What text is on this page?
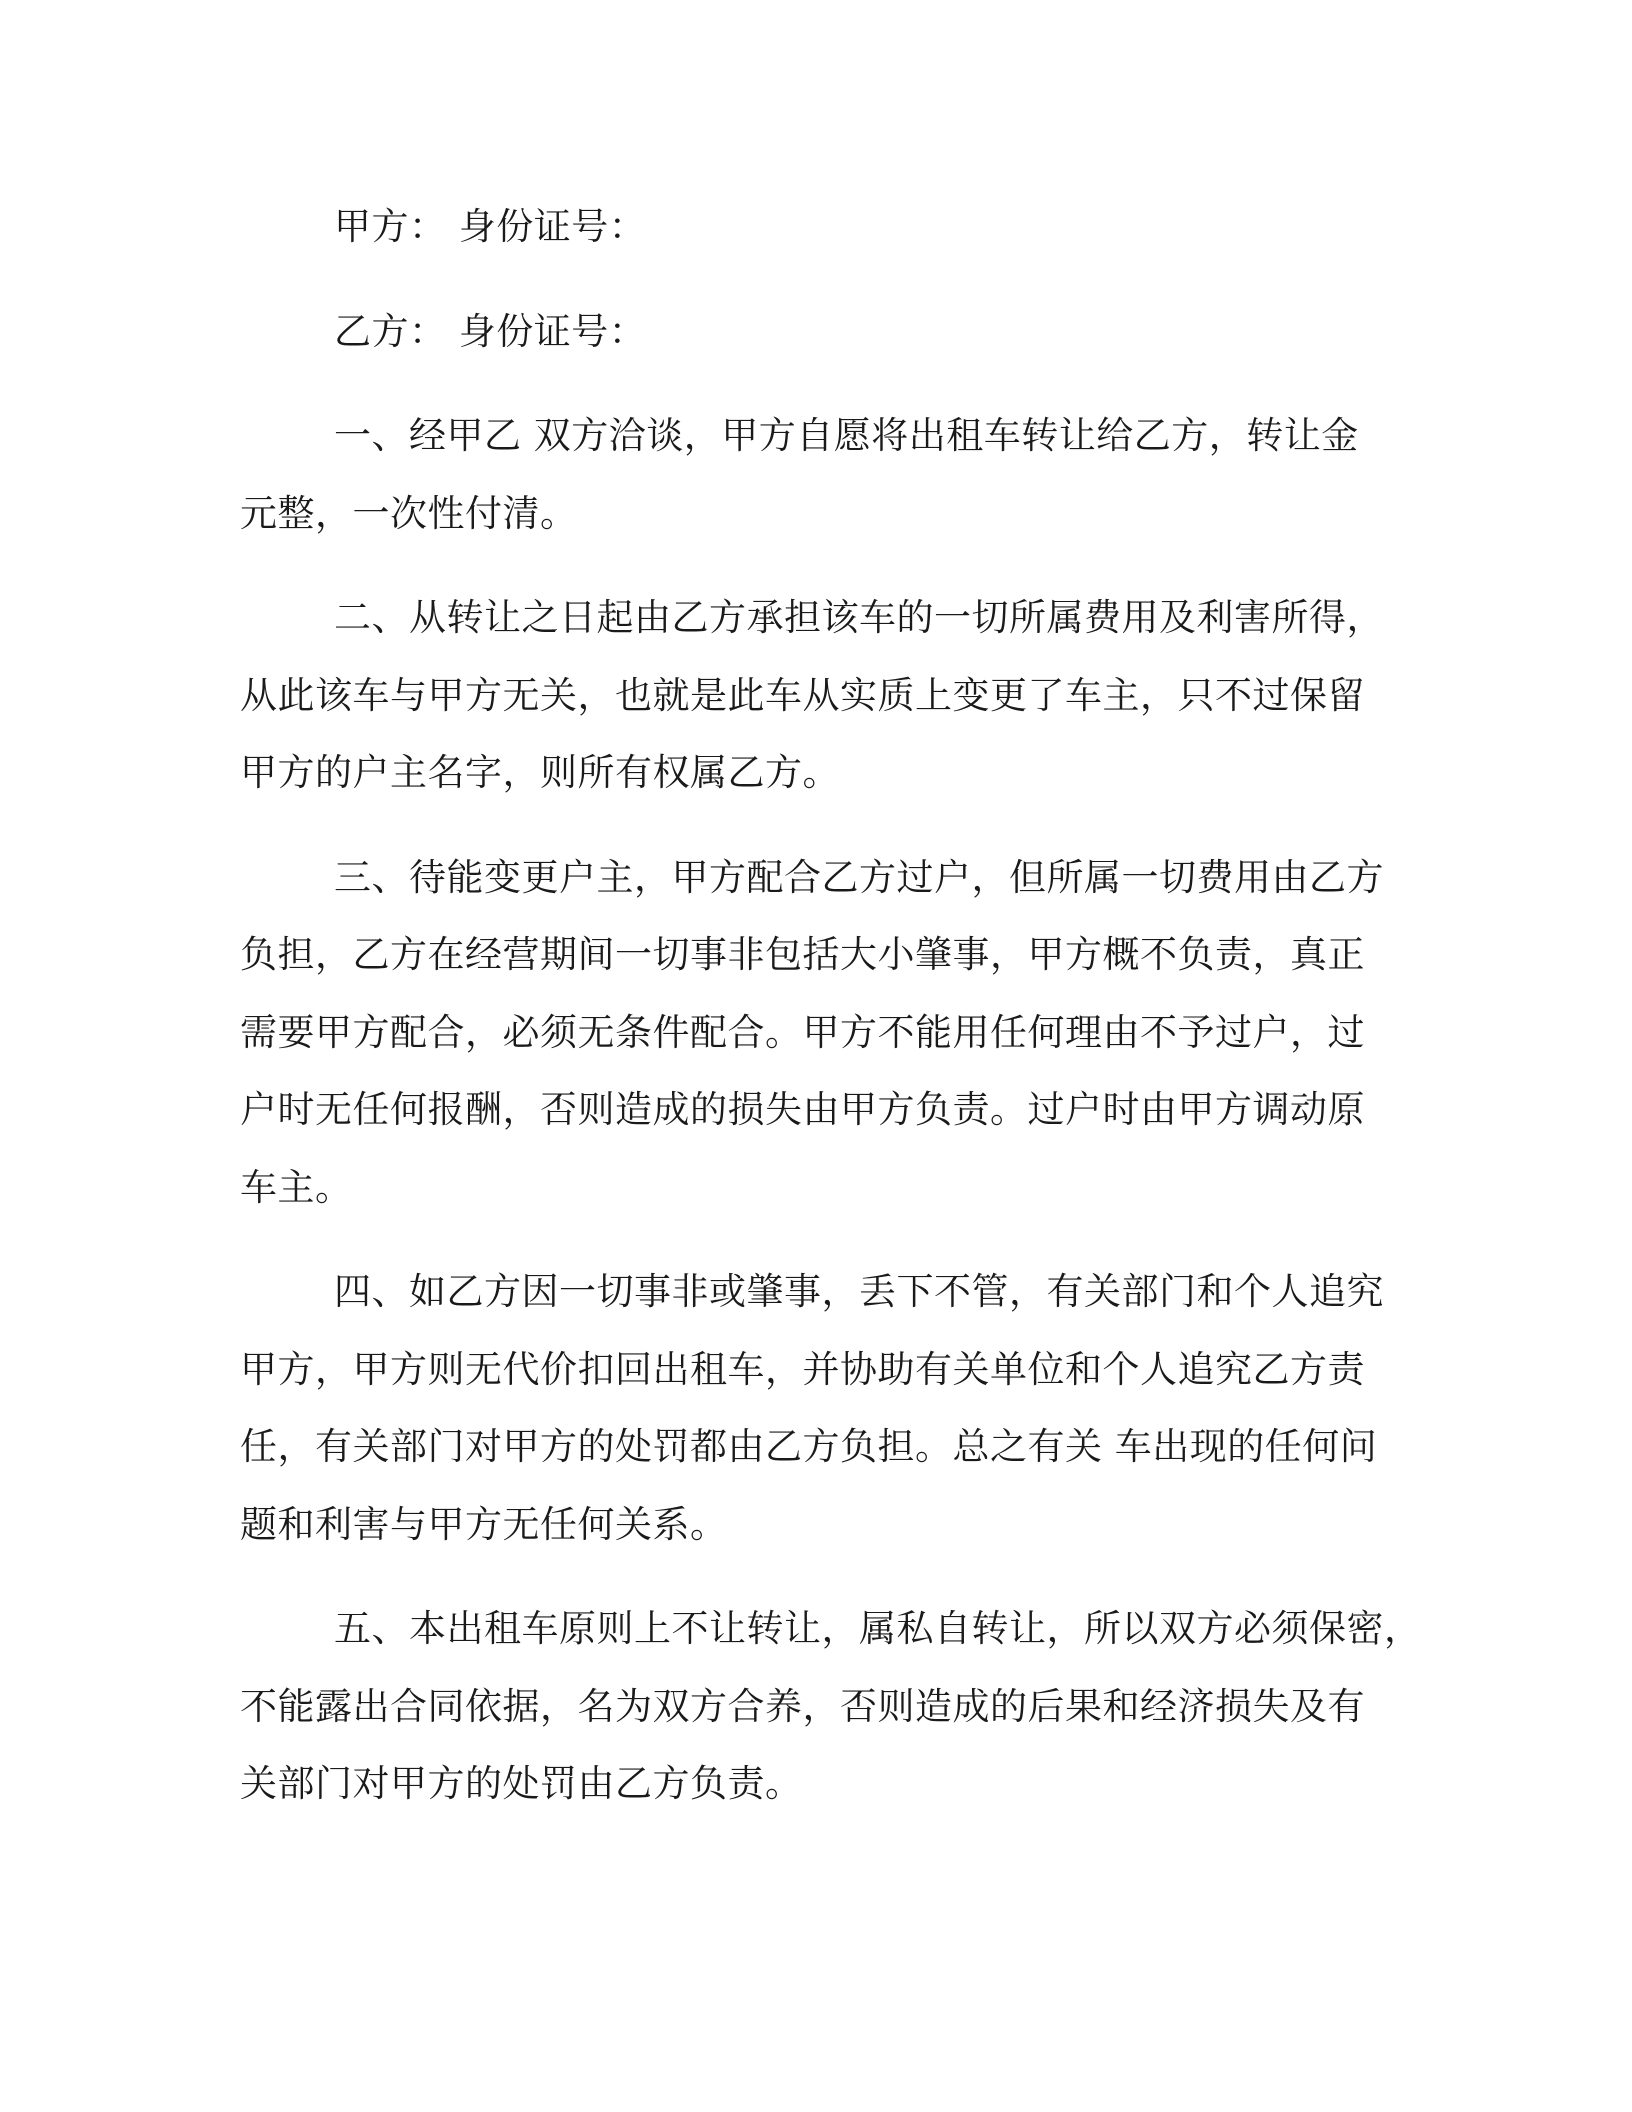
甲方： 身份证号：
乙方： 身份证号：
一、经甲乙 双方洽谈，甲方自愿将出租车转让给乙方，转让金
元整，一次性付清。
二、从转让之日起由乙方承担该车的一切所属费用及利害所得，
从此该车与甲方无关，也就是此车从实质上变更了车主，只不过保留
甲方的户主名字，则所有权属乙方。
三、待能变更户主，甲方配合乙方过户，但所属一切费用由乙方
负担，乙方在经营期间一切事非包括大小肇事，甲方概不负责，真正
需要甲方配合，必须无条件配合。甲方不能用任何理由不予过户，过
户时无任何报酬，否则造成的损失由甲方负责。过户时由甲方调动原
车主。
四、如乙方因一切事非或肇事，丢下不管，有关部门和个人追究
甲方，甲方则无代价扣回出租车，并协助有关单位和个人追究乙方责
任，有关部门对甲方的处罚都由乙方负担。总之有关 车出现的任何问
题和利害与甲方无任何关系。
五、本出租车原则上不让转让，属私自转让，所以双方必须保密，
不能露出合同依据，名为双方合养，否则造成的后果和经济损失及有
关部门对甲方的处罚由乙方负责。
